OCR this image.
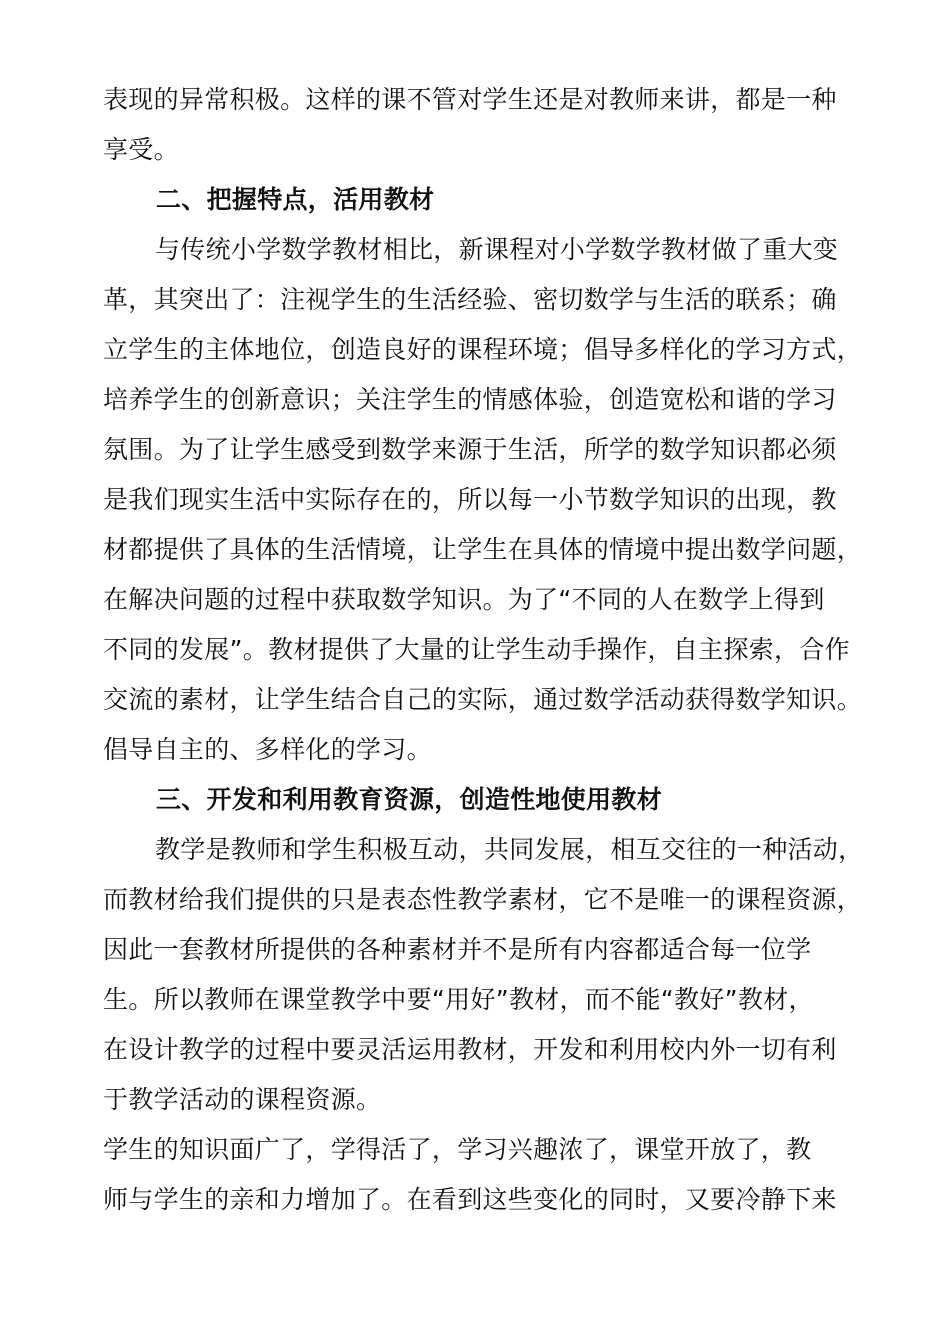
表现的异常积极。这样的课不管对学生还是对教师来讲，都是一种
享受。
二、把握特点，活用教材
与传统小学数学教材相比，新课程对小学数学教材做了重大变
革，其突出了：注视学生的生活经验、密切数学与生活的联系；确
立学生的主体地位，创造良好的课程环境；倡导多样化的学习方式，
培养学生的创新意识；关注学生的情感体验，创造宽松和谐的学习
氛围。为了让学生感受到数学来源于生活，所学的数学知识都必须
是我们现实生活中实际存在的，所以每一小节数学知识的出现，教
材都提供了具体的生活情境，让学生在具体的情境中提出数学问题，
在解决问题的过程中获取数学知识。为了“不同的人在数学上得到
不同的发展”。教材提供了大量的让学生动手操作，自主探索，合作
交流的素材，让学生结合自己的实际，通过数学活动获得数学知识。
倡导自主的、多样化的学习。
三、开发和利用教育资源，创造性地使用教材
教学是教师和学生积极互动，共同发展，相互交往的一种活动，
而教材给我们提供的只是表态性教学素材，它不是唯一的课程资源，
因此一套教材所提供的各种素材并不是所有内容都适合每一位学
生。所以教师在课堂教学中要“用好”教材，而不能“教好”教材，
在设计教学的过程中要灵活运用教材，开发和利用校内外一切有利
于教学活动的课程资源。
学生的知识面广了，学得活了，学习兴趣浓了，课堂开放了，教
师与学生的亲和力增加了。在看到这些变化的同时，又要冷静下来
